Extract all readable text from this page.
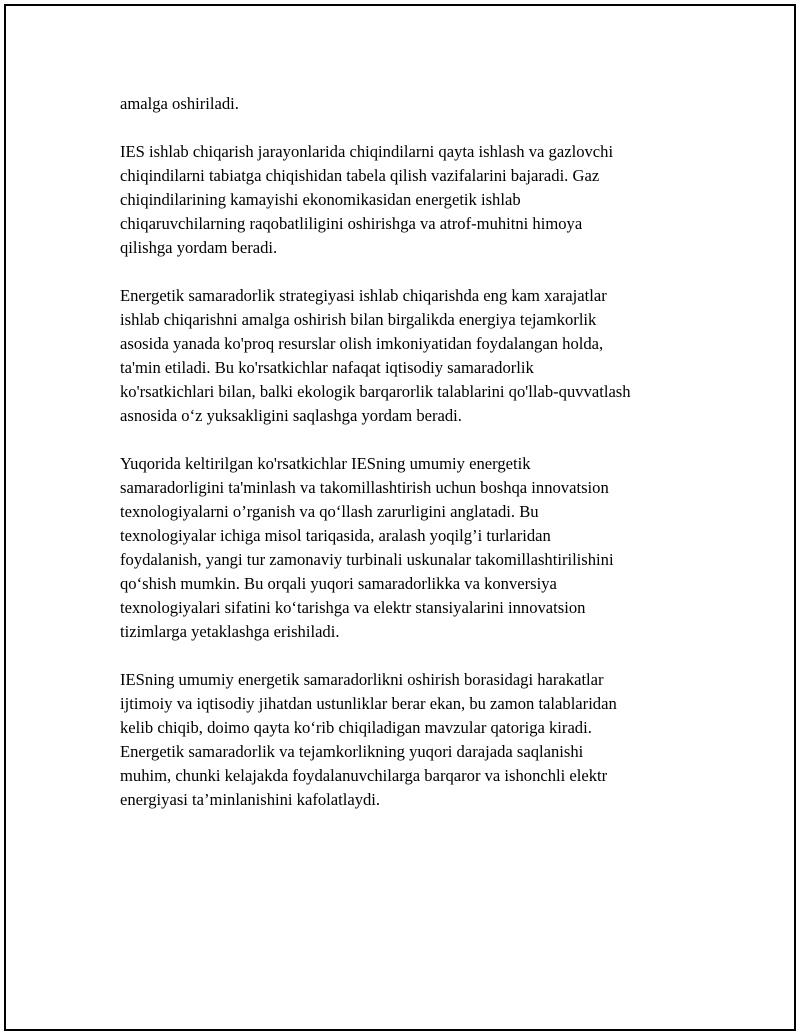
amalga oshiriladi.

IES ishlab chiqarish jarayonlarida chiqindilarni qayta ishlash va gazlovchi
chiqindilarni tabiatga chiqishidan tabela qilish vazifalarini bajaradi. Gaz
chiqindilarining kamayishi ekonomikasidan energetik ishlab
chiqaruvchilarning raqobatliligini oshirishga va atrof-muhitni himoya
qilishga yordam beradi.

Energetik samaradorlik strategiyasi ishlab chiqarishda eng kam xarajatlar
ishlab chiqarishni amalga oshirish bilan birgalikda energiya tejamkorlik
asosida yanada ko'proq resurslar olish imkoniyatidan foydalangan holda,
ta'min etiladi. Bu ko'rsatkichlar nafaqat iqtisodiy samaradorlik
ko'rsatkichlari bilan, balki ekologik barqarorlik talablarini qo'llab-quvvatlash
asnosida o‘z yuksakligini saqlashga yordam beradi.

Yuqorida keltirilgan ko'rsatkichlar IESning umumiy energetik
samaradorligini ta'minlash va takomillashtirish uchun boshqa innovatsion
texnologiyalarni o’rganish va qo‘llash zarurligini anglatadi. Bu
texnologiyalar ichiga misol tariqasida, aralash yoqilg’i turlaridan
foydalanish, yangi tur zamonaviy turbinali uskunalar takomillashtirilishini
qo‘shish mumkin. Bu orqali yuqori samaradorlikka va konversiya
texnologiyalari sifatini ko‘tarishga va elektr stansiyalarini innovatsion
tizimlarga yetaklashga erishiladi.

IESning umumiy energetik samaradorlikni oshirish borasidagi harakatlar
ijtimoiy va iqtisodiy jihatdan ustunliklar berar ekan, bu zamon talablaridan
kelib chiqib, doimo qayta ko‘rib chiqiladigan mavzular qatoriga kiradi.
Energetik samaradorlik va tejamkorlikning yuqori darajada saqlanishi
muhim, chunki kelajakda foydalanuvchilarga barqaror va ishonchli elektr
energiyasi ta’minlanishini kafolatlaydi.
